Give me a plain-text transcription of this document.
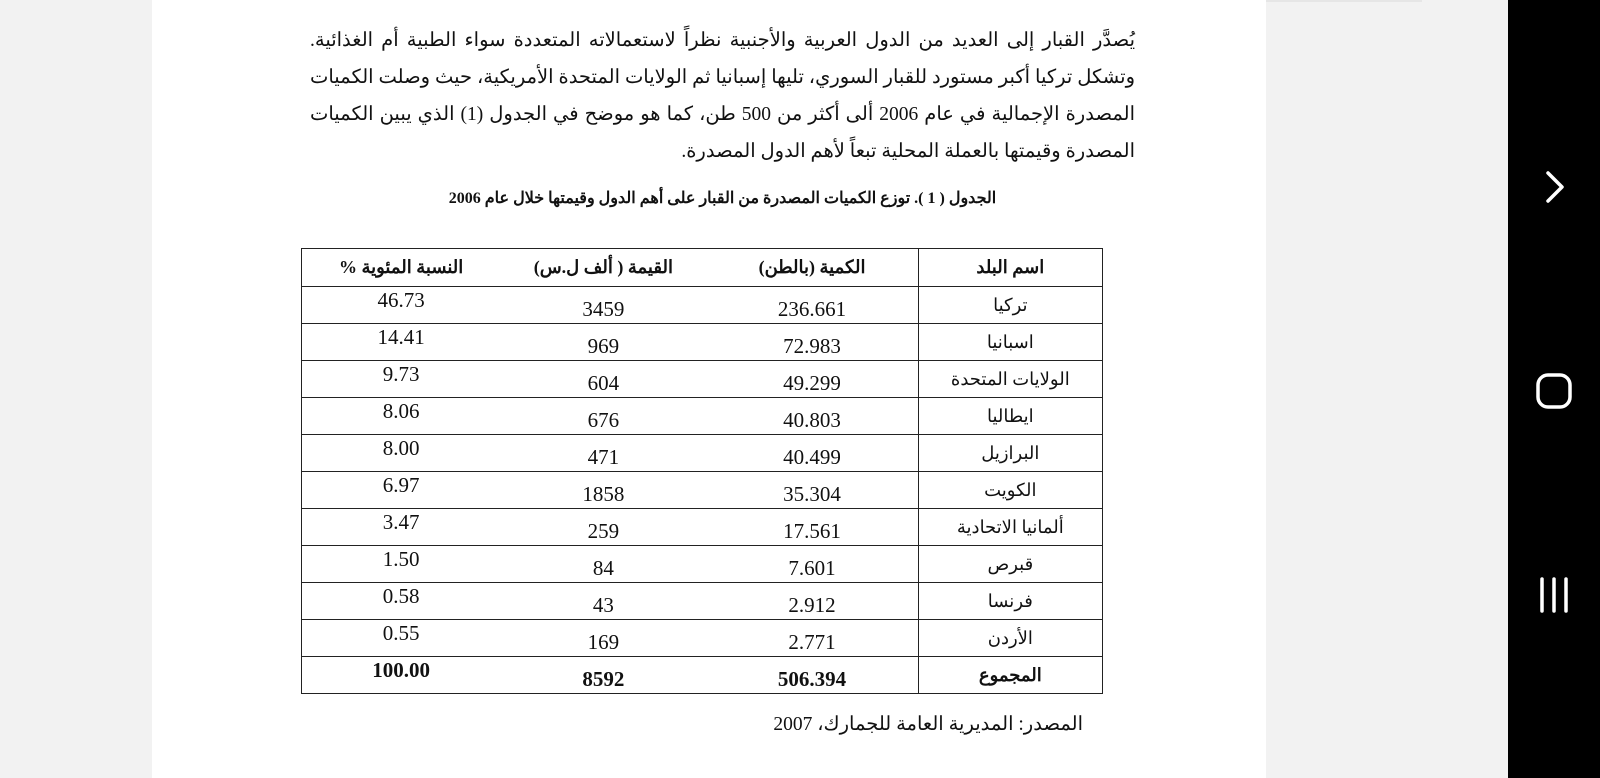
يُصدَّر القبار إلى العديد من الدول العربية والأجنبية نظراً لاستعمالاته المتعددة سواء الطبية أم الغذائية. وتشكل تركيا أكبر مستورد للقبار السوري، تليها إسبانيا ثم الولايات المتحدة الأمريكية، حيث وصلت الكميات المصدرة الإجمالية في عام 2006 ألى أكثر من 500 طن، كما هو موضح في الجدول (1) الذي يبين الكميات المصدرة وقيمتها بالعملة المحلية تبعاً لأهم الدول المصدرة.

الجدول ( 1 ). توزع الكميات المصدرة من القبار على أهم الدول وقيمتها خلال عام 2006
اسم البلد	الكمية (بالطن)	القيمة ( ألف ل.س)	النسبة المئوية %
تركيا	236.661	3459	46.73
اسبانيا	72.983	969	14.41
الولايات المتحدة	49.299	604	9.73
ايطاليا	40.803	676	8.06
البرازيل	40.499	471	8.00
الكويت	35.304	1858	6.97
ألمانيا الاتحادية	17.561	259	3.47
قبرص	7.601	84	1.50
فرنسا	2.912	43	0.58
الأردن	2.771	169	0.55
المجموع	506.394	8592	100.00
المصدر: المديرية العامة للجمارك، 2007
